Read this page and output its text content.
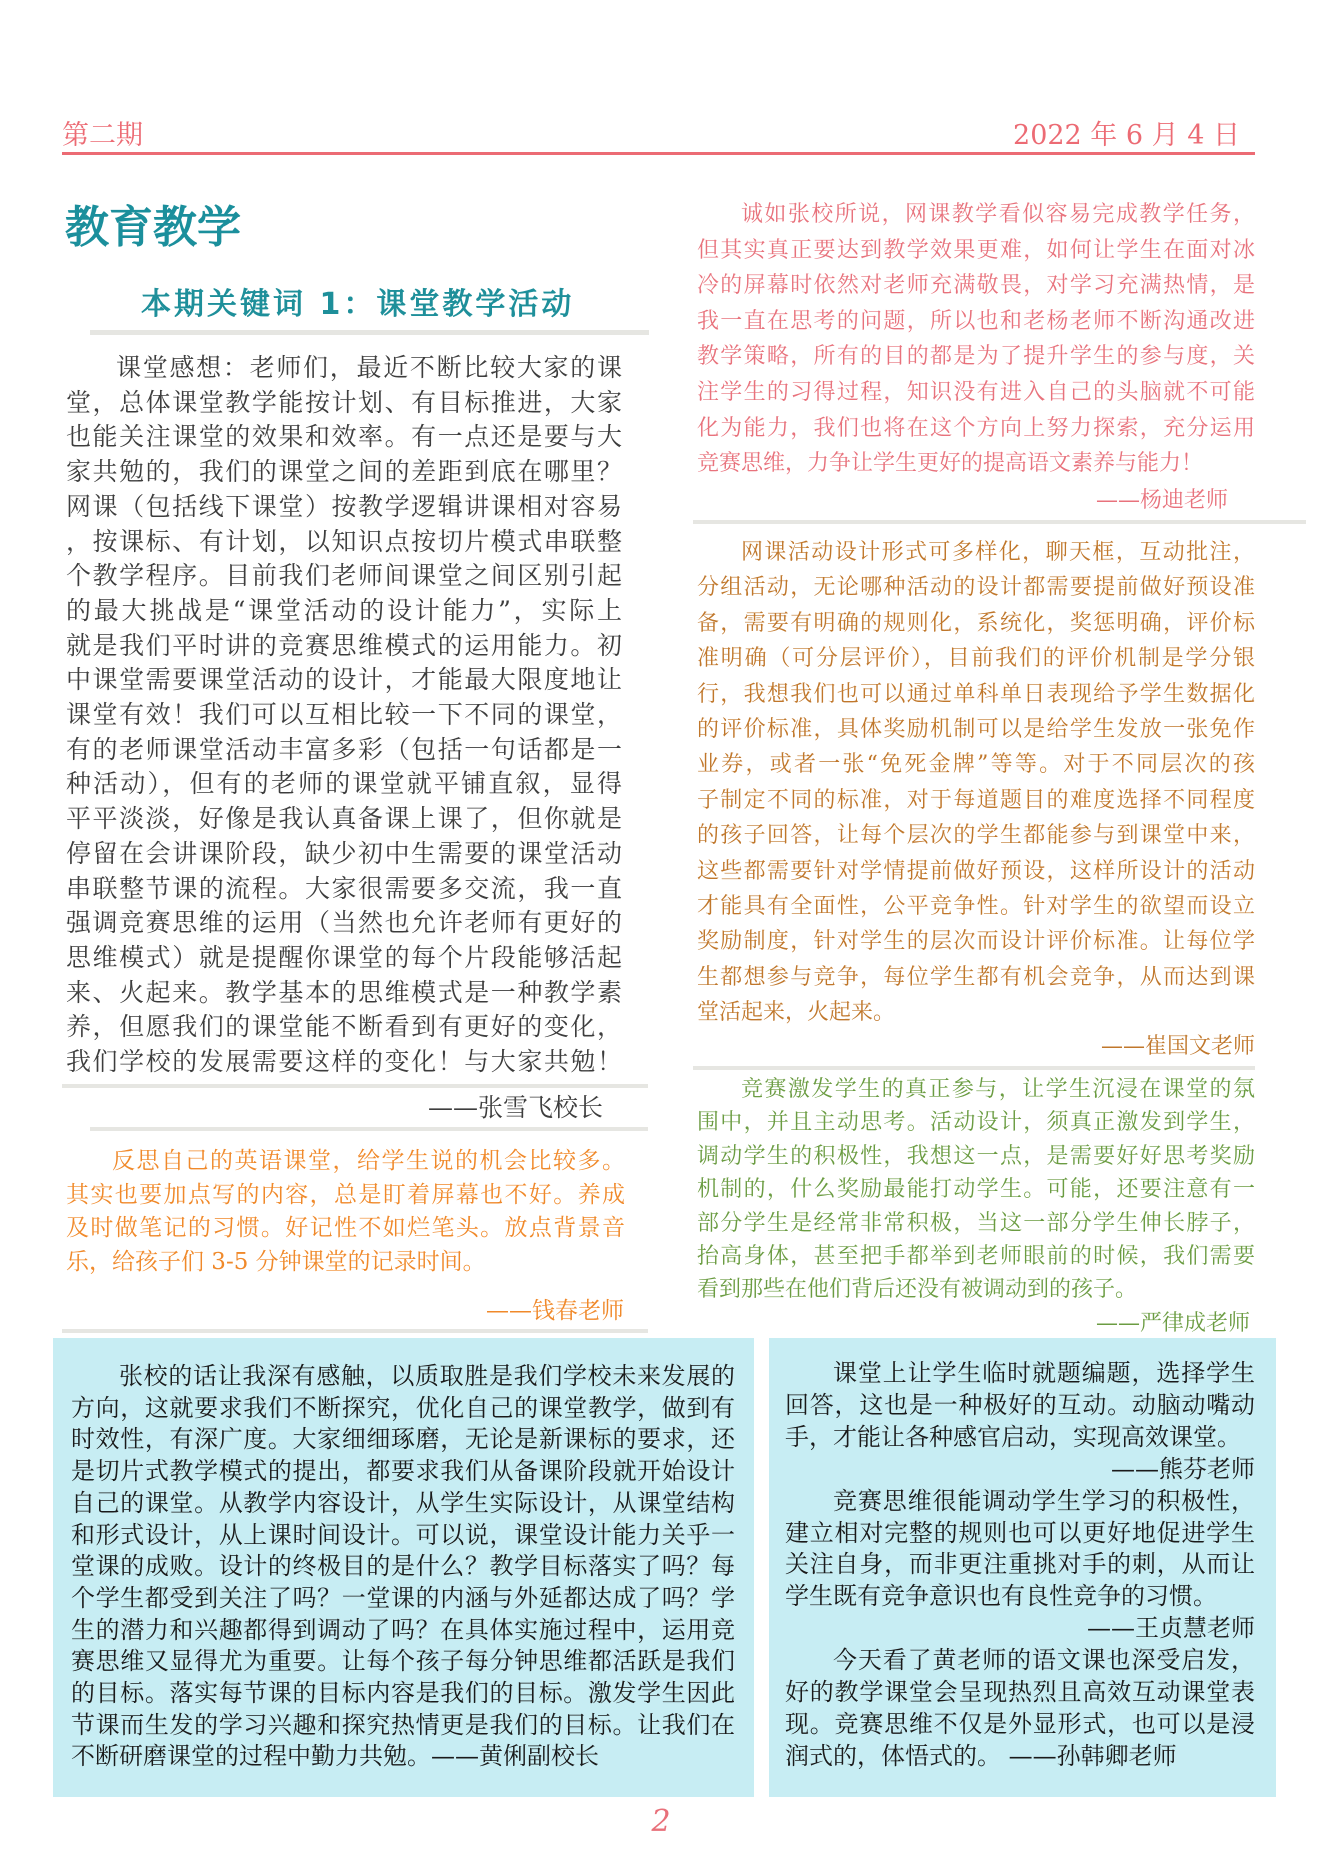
第二期	2022 年 6 月 4 日
教育教学
本期关键词 1：课堂教学活动
课堂感想：老师们，最近不断比较大家的课
堂，总体课堂教学能按计划、有目标推进，大家
也能关注课堂的效果和效率。有一点还是要与大
家共勉的，我们的课堂之间的差距到底在哪里？
网课（包括线下课堂）按教学逻辑讲课相对容易
，按课标、有计划，以知识点按切片模式串联整
个教学程序。目前我们老师间课堂之间区别引起
的最大挑战是“课堂活动的设计能力”，实际上
就是我们平时讲的竞赛思维模式的运用能力。初
中课堂需要课堂活动的设计，才能最大限度地让
课堂有效！我们可以互相比较一下不同的课堂，
有的老师课堂活动丰富多彩（包括一句话都是一
种活动），但有的老师的课堂就平铺直叙，显得
平平淡淡，好像是我认真备课上课了，但你就是
停留在会讲课阶段，缺少初中生需要的课堂活动
串联整节课的流程。大家很需要多交流，我一直
强调竞赛思维的运用（当然也允许老师有更好的
思维模式）就是提醒你课堂的每个片段能够活起
来、火起来。教学基本的思维模式是一种教学素
养，但愿我们的课堂能不断看到有更好的变化，
我们学校的发展需要这样的变化！与大家共勉！
——张雪飞校长
反思自己的英语课堂，给学生说的机会比较多。
其实也要加点写的内容，总是盯着屏幕也不好。养成
及时做笔记的习惯。好记性不如烂笔头。放点背景音
乐，给孩子们 3-5 分钟课堂的记录时间。
——钱春老师
诚如张校所说，网课教学看似容易完成教学任务，
但其实真正要达到教学效果更难，如何让学生在面对冰
冷的屏幕时依然对老师充满敬畏，对学习充满热情，是
我一直在思考的问题，所以也和老杨老师不断沟通改进
教学策略，所有的目的都是为了提升学生的参与度，关
注学生的习得过程，知识没有进入自己的头脑就不可能
化为能力，我们也将在这个方向上努力探索，充分运用
竞赛思维，力争让学生更好的提高语文素养与能力！
——杨迪老师
网课活动设计形式可多样化，聊天框，互动批注，
分组活动，无论哪种活动的设计都需要提前做好预设准
备，需要有明确的规则化，系统化，奖惩明确，评价标
准明确（可分层评价），目前我们的评价机制是学分银
行，我想我们也可以通过单科单日表现给予学生数据化
的评价标准，具体奖励机制可以是给学生发放一张免作
业券，或者一张“免死金牌”等等。对于不同层次的孩
子制定不同的标准，对于每道题目的难度选择不同程度
的孩子回答，让每个层次的学生都能参与到课堂中来，
这些都需要针对学情提前做好预设，这样所设计的活动
才能具有全面性，公平竞争性。针对学生的欲望而设立
奖励制度，针对学生的层次而设计评价标准。让每位学
生都想参与竞争，每位学生都有机会竞争，从而达到课
堂活起来，火起来。
——崔国文老师
竞赛激发学生的真正参与，让学生沉浸在课堂的氛
围中，并且主动思考。活动设计，须真正激发到学生，
调动学生的积极性，我想这一点，是需要好好思考奖励
机制的，什么奖励最能打动学生。可能，还要注意有一
部分学生是经常非常积极，当这一部分学生伸长脖子，
抬高身体，甚至把手都举到老师眼前的时候，我们需要
看到那些在他们背后还没有被调动到的孩子。
——严律成老师
张校的话让我深有感触，以质取胜是我们学校未来发展的
方向，这就要求我们不断探究，优化自己的课堂教学，做到有
时效性，有深广度。大家细细琢磨，无论是新课标的要求，还
是切片式教学模式的提出，都要求我们从备课阶段就开始设计
自己的课堂。从教学内容设计，从学生实际设计，从课堂结构
和形式设计，从上课时间设计。可以说，课堂设计能力关乎一
堂课的成败。设计的终极目的是什么？教学目标落实了吗？每
个学生都受到关注了吗？一堂课的内涵与外延都达成了吗？学
生的潜力和兴趣都得到调动了吗？在具体实施过程中，运用竞
赛思维又显得尤为重要。让每个孩子每分钟思维都活跃是我们
的目标。落实每节课的目标内容是我们的目标。激发学生因此
节课而生发的学习兴趣和探究热情更是我们的目标。让我们在
不断研磨课堂的过程中勤力共勉。——黄俐副校长
课堂上让学生临时就题编题，选择学生
回答，这也是一种极好的互动。动脑动嘴动
手，才能让各种感官启动，实现高效课堂。
——熊芬老师
竞赛思维很能调动学生学习的积极性，
建立相对完整的规则也可以更好地促进学生
关注自身，而非更注重挑对手的刺，从而让
学生既有竞争意识也有良性竞争的习惯。
——王贞慧老师
今天看了黄老师的语文课也深受启发，
好的教学课堂会呈现热烈且高效互动课堂表
现。竞赛思维不仅是外显形式，也可以是浸
润式的，体悟式的。 ——孙韩卿老师
2
